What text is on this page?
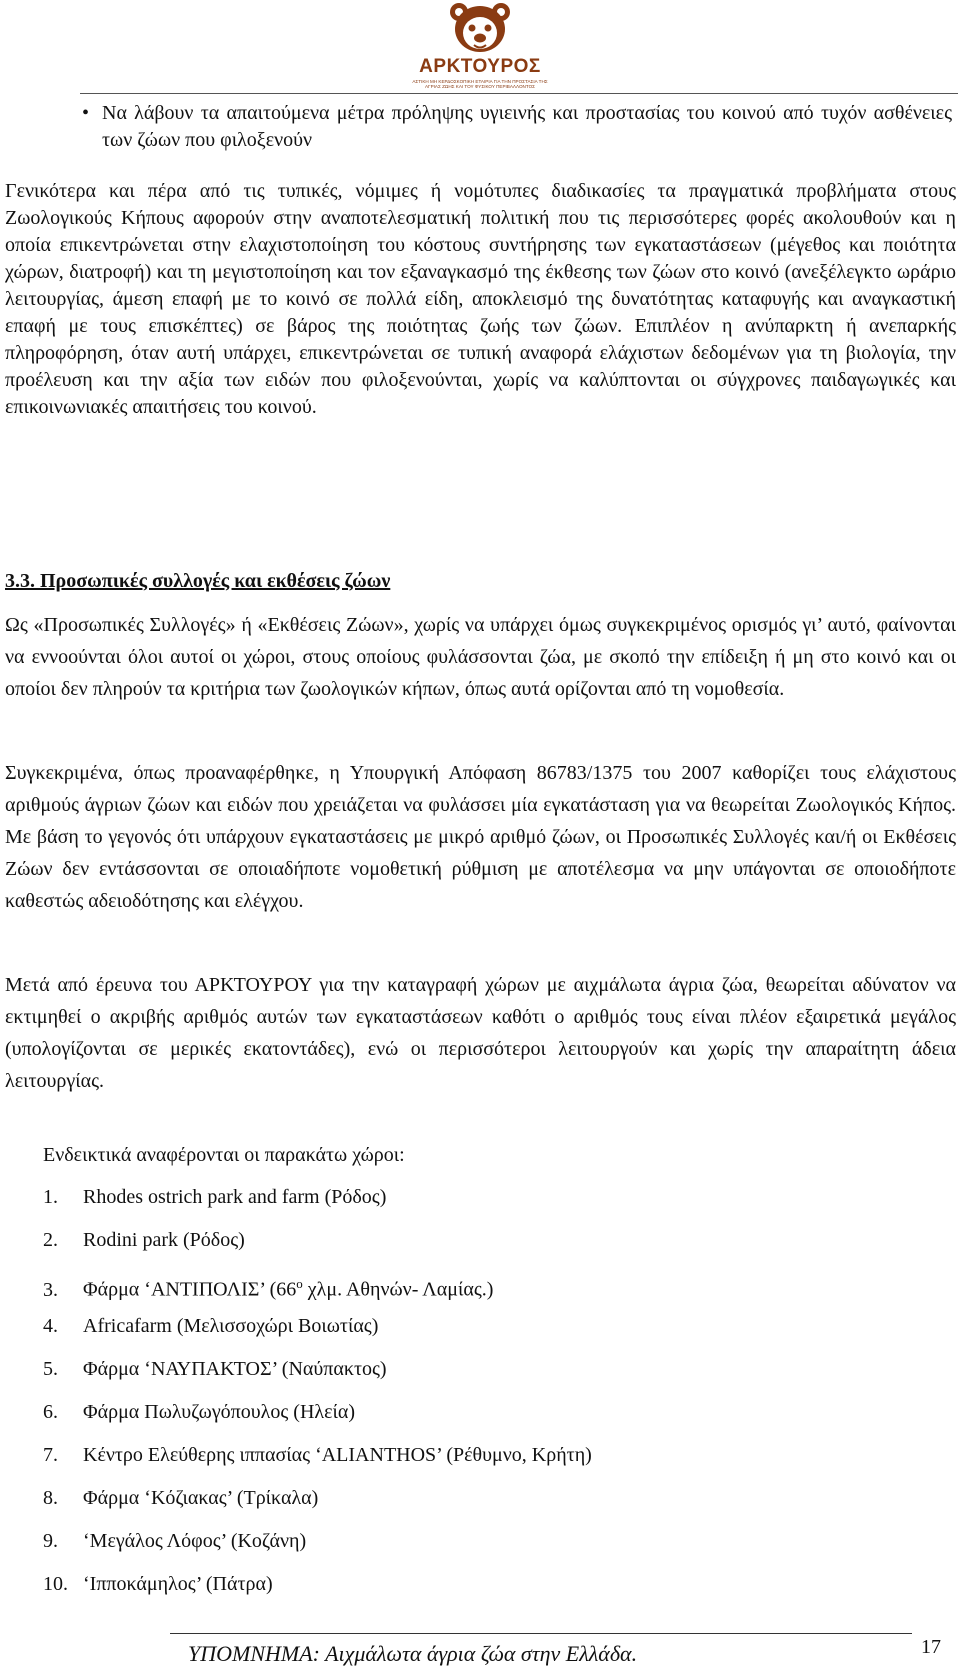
ΑΡΚΤΟΥΡΟΣ
ΑΣΤΙΚΗ ΜΗ ΚΕΡΔΟΣΚΟΠΙΚΗ ΕΤΑΙΡΙΑ ΓΙΑ ΤΗΝ ΠΡΟΣΤΑΣΙΑ ΤΗΣ ΑΓΡΙΑΣ ΖΩΗΣ ΚΑΙ ΤΟΥ ΦΥΣΙΚΟΥ ΠΕΡΙΒΑΛΛΟΝΤΟΣ
• Να λάβουν τα απαιτούμενα μέτρα πρόληψης υγιεινής και προστασίας του κοινού από τυχόν ασθένειες των ζώων που φιλοξενούν

Γενικότερα και πέρα από τις τυπικές, νόμιμες ή νομότυπες διαδικασίες τα πραγματικά προβλήματα στους Ζωολογικούς Κήπους αφορούν στην αναποτελεσματική πολιτική που τις περισσότερες φορές ακολουθούν και η οποία επικεντρώνεται στην ελαχιστοποίηση του κόστους συντήρησης των εγκαταστάσεων (μέγεθος και ποιότητα χώρων, διατροφή) και τη μεγιστοποίηση και τον εξαναγκασμό της έκθεσης των ζώων στο κοινό (ανεξέλεγκτο ωράριο λειτουργίας, άμεση επαφή με το κοινό σε πολλά είδη, αποκλεισμό της δυνατότητας καταφυγής και αναγκαστική επαφή με τους επισκέπτες) σε βάρος της ποιότητας ζωής των ζώων. Επιπλέον η ανύπαρκτη ή ανεπαρκής πληροφόρηση, όταν αυτή υπάρχει, επικεντρώνεται σε τυπική αναφορά ελάχιστων δεδομένων για τη βιολογία, την προέλευση και την αξία των ειδών που φιλοξενούνται, χωρίς να καλύπτονται οι σύγχρονες παιδαγωγικές και επικοινωνιακές απαιτήσεις του κοινού.

3.3. Προσωπικές συλλογές και εκθέσεις ζώων

Ως «Προσωπικές Συλλογές» ή «Εκθέσεις Ζώων», χωρίς να υπάρχει όμως συγκεκριμένος ορισμός γι’ αυτό, φαίνονται να εννοούνται όλοι αυτοί οι χώροι, στους οποίους φυλάσσονται ζώα, με σκοπό την επίδειξη ή μη στο κοινό και οι οποίοι δεν πληρούν τα κριτήρια των ζωολογικών κήπων, όπως αυτά ορίζονται από τη νομοθεσία.

Συγκεκριμένα, όπως προαναφέρθηκε, η Υπουργική Απόφαση 86783/1375 του 2007 καθορίζει τους ελάχιστους αριθμούς άγριων ζώων και ειδών που χρειάζεται να φυλάσσει μία εγκατάσταση για να θεωρείται Ζωολογικός Κήπος. Με βάση το γεγονός ότι υπάρχουν εγκαταστάσεις με μικρό αριθμό ζώων, οι Προσωπικές Συλλογές και/ή οι Εκθέσεις Ζώων δεν εντάσσονται σε οποιαδήποτε νομοθετική ρύθμιση με αποτέλεσμα να μην υπάγονται σε οποιοδήποτε καθεστώς αδειοδότησης και ελέγχου.

Μετά από έρευνα του ΑΡΚΤΟΥΡΟΥ για την καταγραφή χώρων με αιχμάλωτα άγρια ζώα, θεωρείται αδύνατον να εκτιμηθεί ο ακριβής αριθμός αυτών των εγκαταστάσεων καθότι ο αριθμός τους είναι πλέον εξαιρετικά μεγάλος (υπολογίζονται σε μερικές εκατοντάδες), ενώ οι περισσότεροι λειτουργούν και χωρίς την απαραίτητη άδεια λειτουργίας.

Ενδεικτικά αναφέρονται οι παρακάτω χώροι:
1. Rhodes ostrich park and farm (Ρόδος)
2. Rodini park (Ρόδος)
3. Φάρμα ‘ΑΝΤΙΠΟΛΙΣ’ ($66^o$ χλμ. Αθηνών- Λαμίας.)
4. Africafarm (Μελισσοχώρι Βοιωτίας)
5. Φάρμα ‘ΝΑΥΠΑΚΤΟΣ’ (Ναύπακτος)
6. Φάρμα Πωλυζωγόπουλος (Ηλεία)
7. Κέντρο Ελεύθερης ιππασίας ‘ALIANTHOS’ (Ρέθυμνο, Κρήτη)
8. Φάρμα ‘Κόζιακας’ (Τρίκαλα)
9. ‘Μεγάλος Λόφος’ (Κοζάνη)
10. ‘Ιπποκάμηλος’ (Πάτρα)
ΥΠΟΜΝΗΜΑ: Αιχμάλωτα άγρια ζώα στην Ελλάδα.	17
